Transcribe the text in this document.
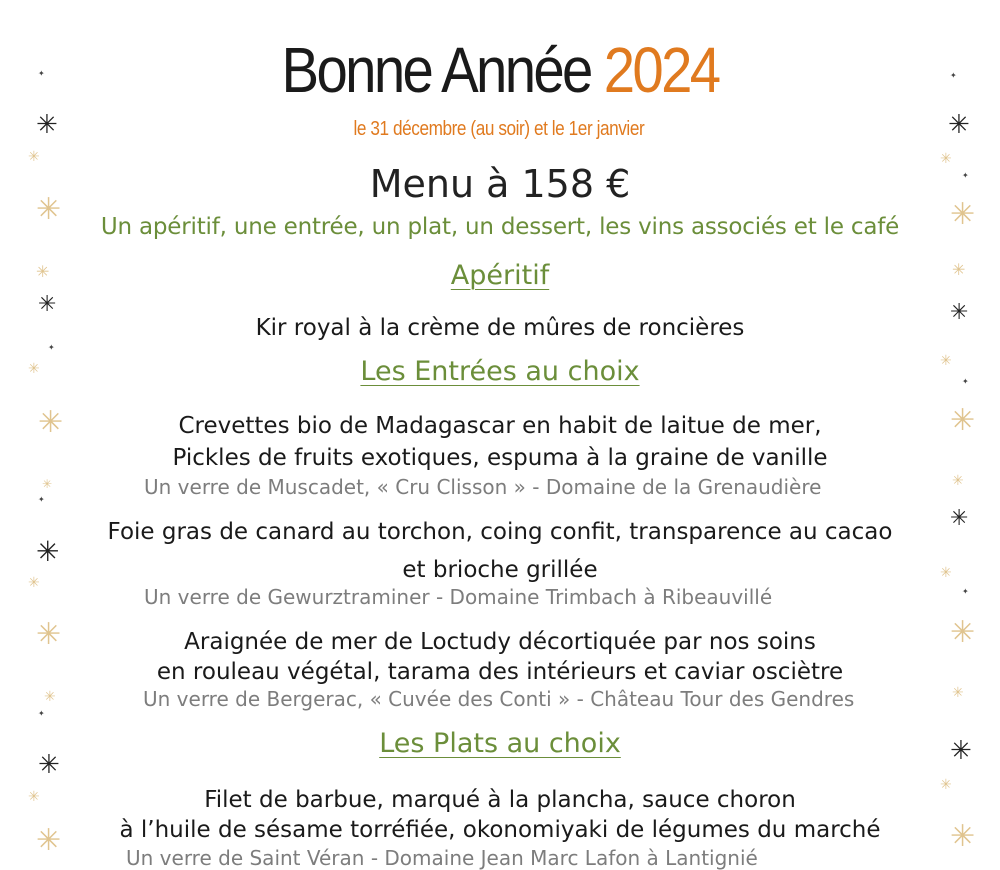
✦
✳
✳
✳
✳
✳
✦
✳
✳
✳
✦
✳
✳
✳
✳
✦
✳
✳
✳
✦
✳
✳
✦
✳
✳
✳
✳
✦
✳
✳
✳
✳
✦
✳
✳
✳
✳
✳
Bonne Année 2024
le 31 décembre (au soir) et le 1er janvier
Menu à 158 €
Un apéritif, une entrée, un plat, un dessert, les vins associés et le café
Apéritif
Kir royal à la crème de mûres de roncières
Les Entrées au choix
Crevettes bio de Madagascar en habit de laitue de mer,
Pickles de fruits exotiques, espuma à la graine de vanille
Un verre de Muscadet, « Cru Clisson » - Domaine de la Grenaudière
Foie gras de canard au torchon, coing confit, transparence au cacao
et brioche grillée
Un verre de Gewurztraminer - Domaine Trimbach à Ribeauvillé
Araignée de mer de Loctudy décortiquée par nos soins
en rouleau végétal, tarama des intérieurs et caviar osciètre
Un verre de Bergerac, « Cuvée des Conti » - Château Tour des Gendres
Les Plats au choix
Filet de barbue, marqué à la plancha, sauce choron
à l’huile de sésame torréfiée, okonomiyaki de légumes du marché
Un verre de Saint Véran - Domaine Jean Marc Lafon à Lantignié
